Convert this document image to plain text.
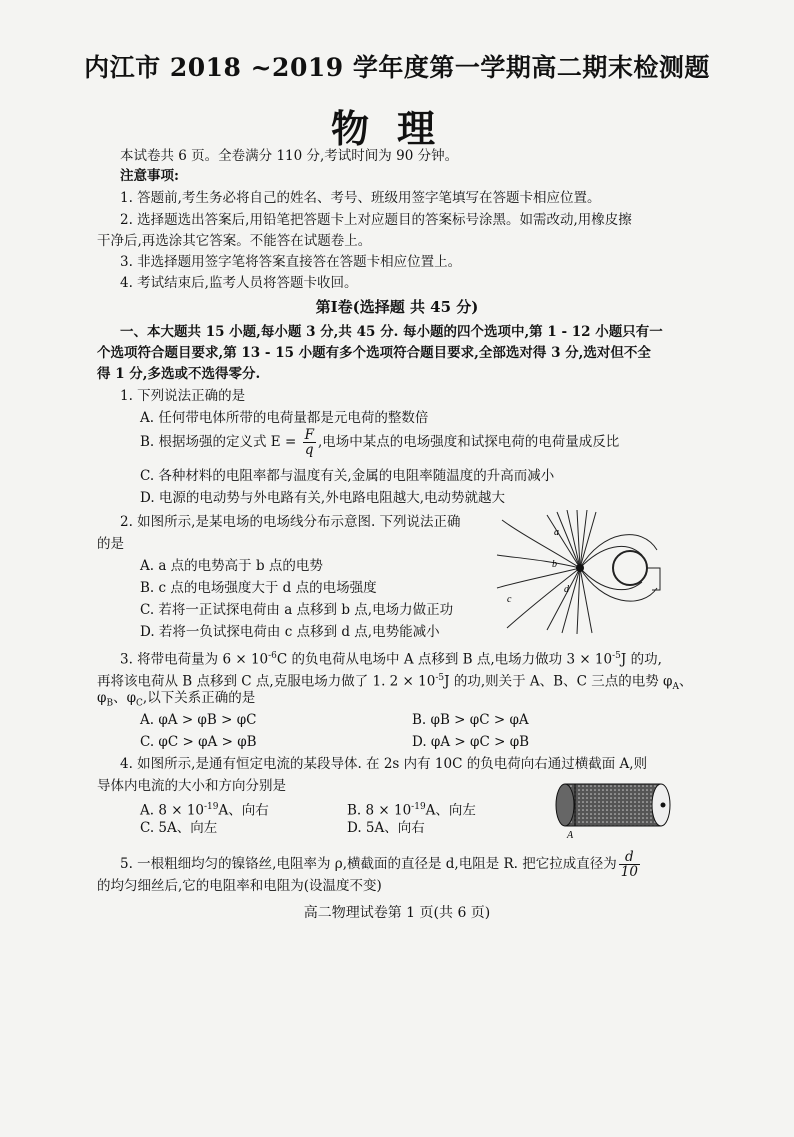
内江市 2018 ~2019 学年度第一学期高二期末检测题
物理
本试卷共 6 页。全卷满分 110 分,考试时间为 90 分钟。
注意事项:
1. 答题前,考生务必将自己的姓名、考号、班级用签字笔填写在答题卡相应位置。
2. 选择题选出答案后,用铅笔把答题卡上对应题目的答案标号涂黑。如需改动,用橡皮擦
干净后,再选涂其它答案。不能答在试题卷上。
3. 非选择题用签字笔将答案直接答在答题卡相应位置上。
4. 考试结束后,监考人员将答题卡收回。
第Ⅰ卷(选择题 共 45 分)
一、本大题共 15 小题,每小题 3 分,共 45 分. 每小题的四个选项中,第 1 - 12 小题只有一
个选项符合题目要求,第 13 - 15 小题有多个选项符合题目要求,全部选对得 3 分,选对但不全
得 1 分,多选或不选得零分.
1. 下列说法正确的是
A. 任何带电体所带的电荷量都是元电荷的整数倍
B. 根据场强的定义式 $E = \frac{F}{q}$ ,电场中某点的电场强度和试探电荷的电荷量成反比
C. 各种材料的电阻率都与温度有关,金属的电阻率随温度的升高而减小
D. 电源的电动势与外电路有关,外电路电阻越大,电动势就越大
2. 如图所示,是某电场的电场线分布示意图. 下列说法正确
的是
A. a 点的电势高于 b 点的电势
B. c 点的电场强度大于 d 点的电场强度
C. 若将一正试探电荷由 a 点移到 b 点,电场力做正功
D. 若将一负试探电荷由 c 点移到 d 点,电势能减小
a
b
c
d
3. 将带电荷量为 $6 \times 10^{-6}C$ 的负电荷从电场中 A 点移到 B 点,电场力做功 $3 \times 10^{-5}J$ 的功,
再将该电荷从 B 点移到 C 点,克服电场力做了 1. $2 \times 10^{-5}J$ 的功,则关于 A、B、C 三点的电势 $\varphi_A$、
$\varphi_B$、$\varphi_C$,以下关系正确的是
A. φA > φB > φC	B. φB > φC > φA
C. φC > φA > φB	D. φA > φC > φB
4. 如图所示,是通有恒定电流的某段导体. 在 2s 内有 10C 的负电荷向右通过横截面 A,则
导体内电流的大小和方向分别是
A. $8 \times 10^{-19}A$、向右	B. $8 \times 10^{-19}A$、向左
C. 5A、向左	D. 5A、向右	A
5. 一根粗细均匀的镍铬丝,电阻率为 ρ,横截面的直径是 d,电阻是 R. 把它拉成直径为 $\frac{d}{10}$
的均匀细丝后,它的电阻率和电阻为(设温度不变)
高二物理试卷第 1 页(共 6 页)
